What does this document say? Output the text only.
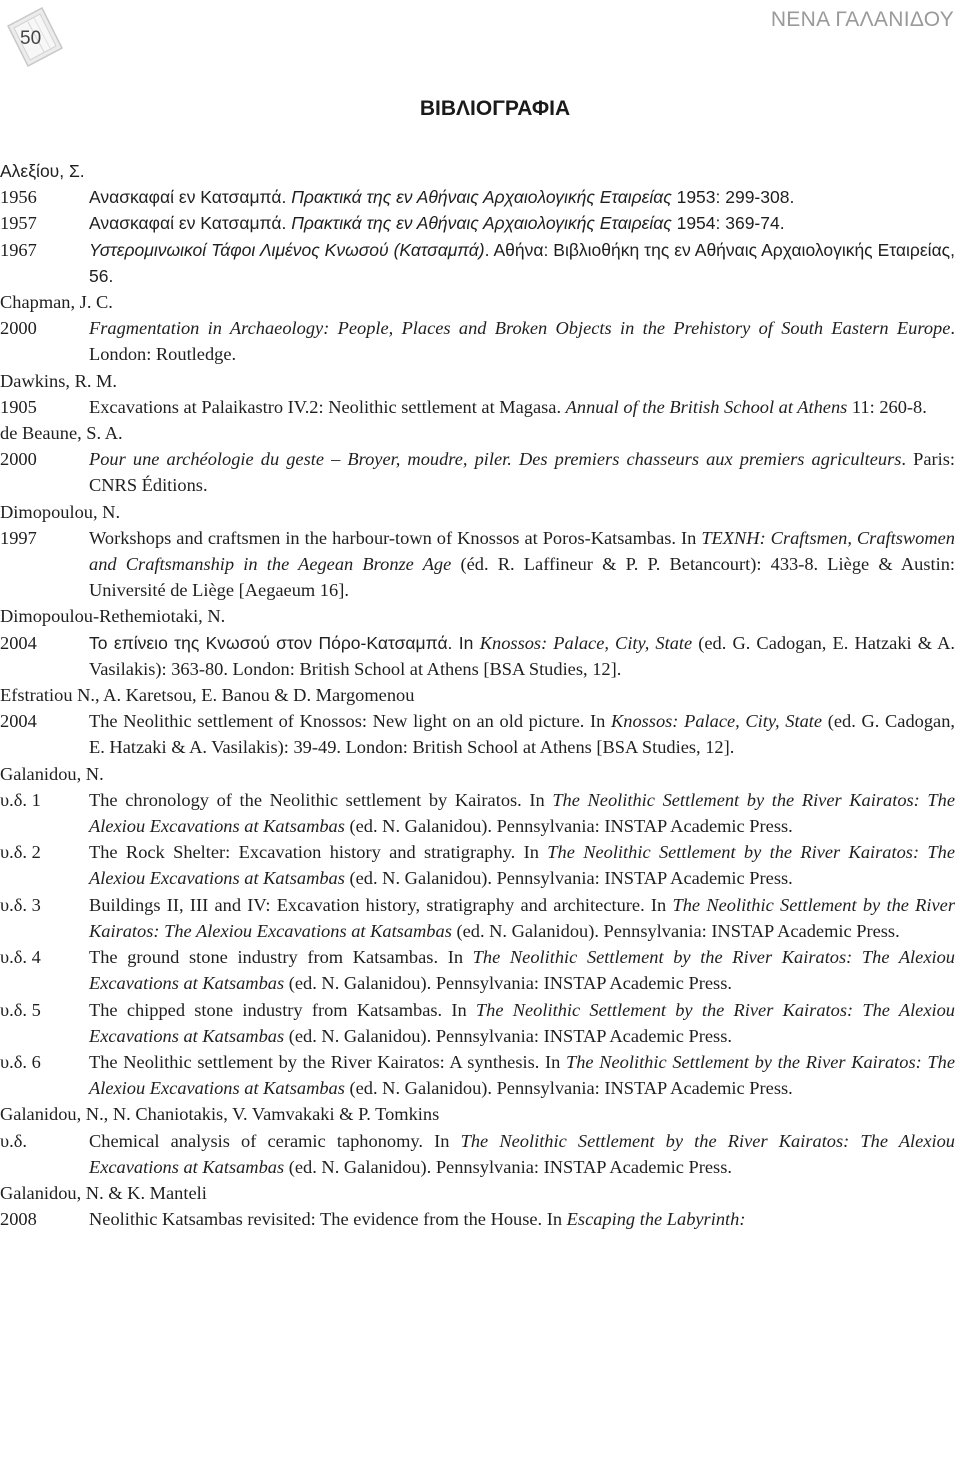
50
ΝΕΝΑ ΓΑΛΑΝΙΔΟΥ
ΒΙΒΛΙΟΓΡΑΦΙΑ
Αλεξίου, Σ.
1956	Ανασκαφαί εν Κατσαμπά. Πρακτικά της εν Αθήναις Αρχαιολογικής Εταιρείας 1953: 299-308.
1957	Ανασκαφαί εν Κατσαμπά. Πρακτικά της εν Αθήναις Αρχαιολογικής Εταιρείας 1954: 369-74.
1967	Υστερομινωικοί Τάφοι Λιμένος Κνωσού (Κατσαμπά). Αθήνα: Βιβλιοθήκη της εν Αθήναις Αρχαιολογικής Εταιρείας, 56.
Chapman, J. C.
2000	Fragmentation in Archaeology: People, Places and Broken Objects in the Prehistory of South Eastern Europe. London: Routledge.
Dawkins, R. M.
1905	Excavations at Palaikastro IV.2: Neolithic settlement at Magasa. Annual of the British School at Athens 11: 260-8.
de Beaune, S. A.
2000	Pour une archéologie du geste – Broyer, moudre, piler. Des premiers chasseurs aux premiers agriculteurs. Paris: CNRS Éditions.
Dimopoulou, N.
1997	Workshops and craftsmen in the harbour-town of Knossos at Poros-Katsambas. In TEXNH: Craftsmen, Craftswomen and Craftsmanship in the Aegean Bronze Age (éd. R. Laffineur & P. P. Betancourt): 433-8. Liège & Austin: Université de Liège [Aegaeum 16].
Dimopoulou-Rethemiotaki, N.
2004	Το επίνειο της Κνωσού στον Πόρο-Κατσαμπά. In Knossos: Palace, City, State (ed. G. Cadogan, E. Hatzaki & A. Vasilakis): 363-80. London: British School at Athens [BSA Studies, 12].
Efstratiou N., A. Karetsou, E. Banou & D. Margomenou
2004	The Neolithic settlement of Knossos: New light on an old picture. In Knossos: Palace, City, State (ed. G. Cadogan, E. Hatzaki & A. Vasilakis): 39-49. London: British School at Athens [BSA Studies, 12].
Galanidou, N.
υ.δ. 1	The chronology of the Neolithic settlement by Kairatos. In The Neolithic Settlement by the River Kairatos: The Alexiou Excavations at Katsambas (ed. N. Galanidou). Pennsylvania: INSTAP Academic Press.
υ.δ. 2	The Rock Shelter: Excavation history and stratigraphy. In The Neolithic Settlement by the River Kairatos: The Alexiou Excavations at Katsambas (ed. N. Galanidou). Pennsylvania: INSTAP Academic Press.
υ.δ. 3	Buildings II, III and IV: Excavation history, stratigraphy and architecture. In The Neolithic Settlement by the River Kairatos: The Alexiou Excavations at Katsambas (ed. N. Galanidou). Pennsylvania: INSTAP Academic Press.
υ.δ. 4	The ground stone industry from Katsambas. In The Neolithic Settlement by the River Kairatos: The Alexiou Excavations at Katsambas (ed. N. Galanidou). Pennsylvania: INSTAP Academic Press.
υ.δ. 5	The chipped stone industry from Katsambas. In The Neolithic Settlement by the River Kairatos: The Alexiou Excavations at Katsambas (ed. N. Galanidou). Pennsylvania: INSTAP Academic Press.
υ.δ. 6	The Neolithic settlement by the River Kairatos: A synthesis. In The Neolithic Settlement by the River Kairatos: The Alexiou Excavations at Katsambas (ed. N. Galanidou). Pennsylvania: INSTAP Academic Press.
Galanidou, N., N. Chaniotakis, V. Vamvakaki & P. Tomkins
υ.δ.	Chemical analysis of ceramic taphonomy. In The Neolithic Settlement by the River Kairatos: The Alexiou Excavations at Katsambas (ed. N. Galanidou). Pennsylvania: INSTAP Academic Press.
Galanidou, N. & K. Manteli
2008	Neolithic Katsambas revisited: The evidence from the House. In Escaping the Labyrinth:
